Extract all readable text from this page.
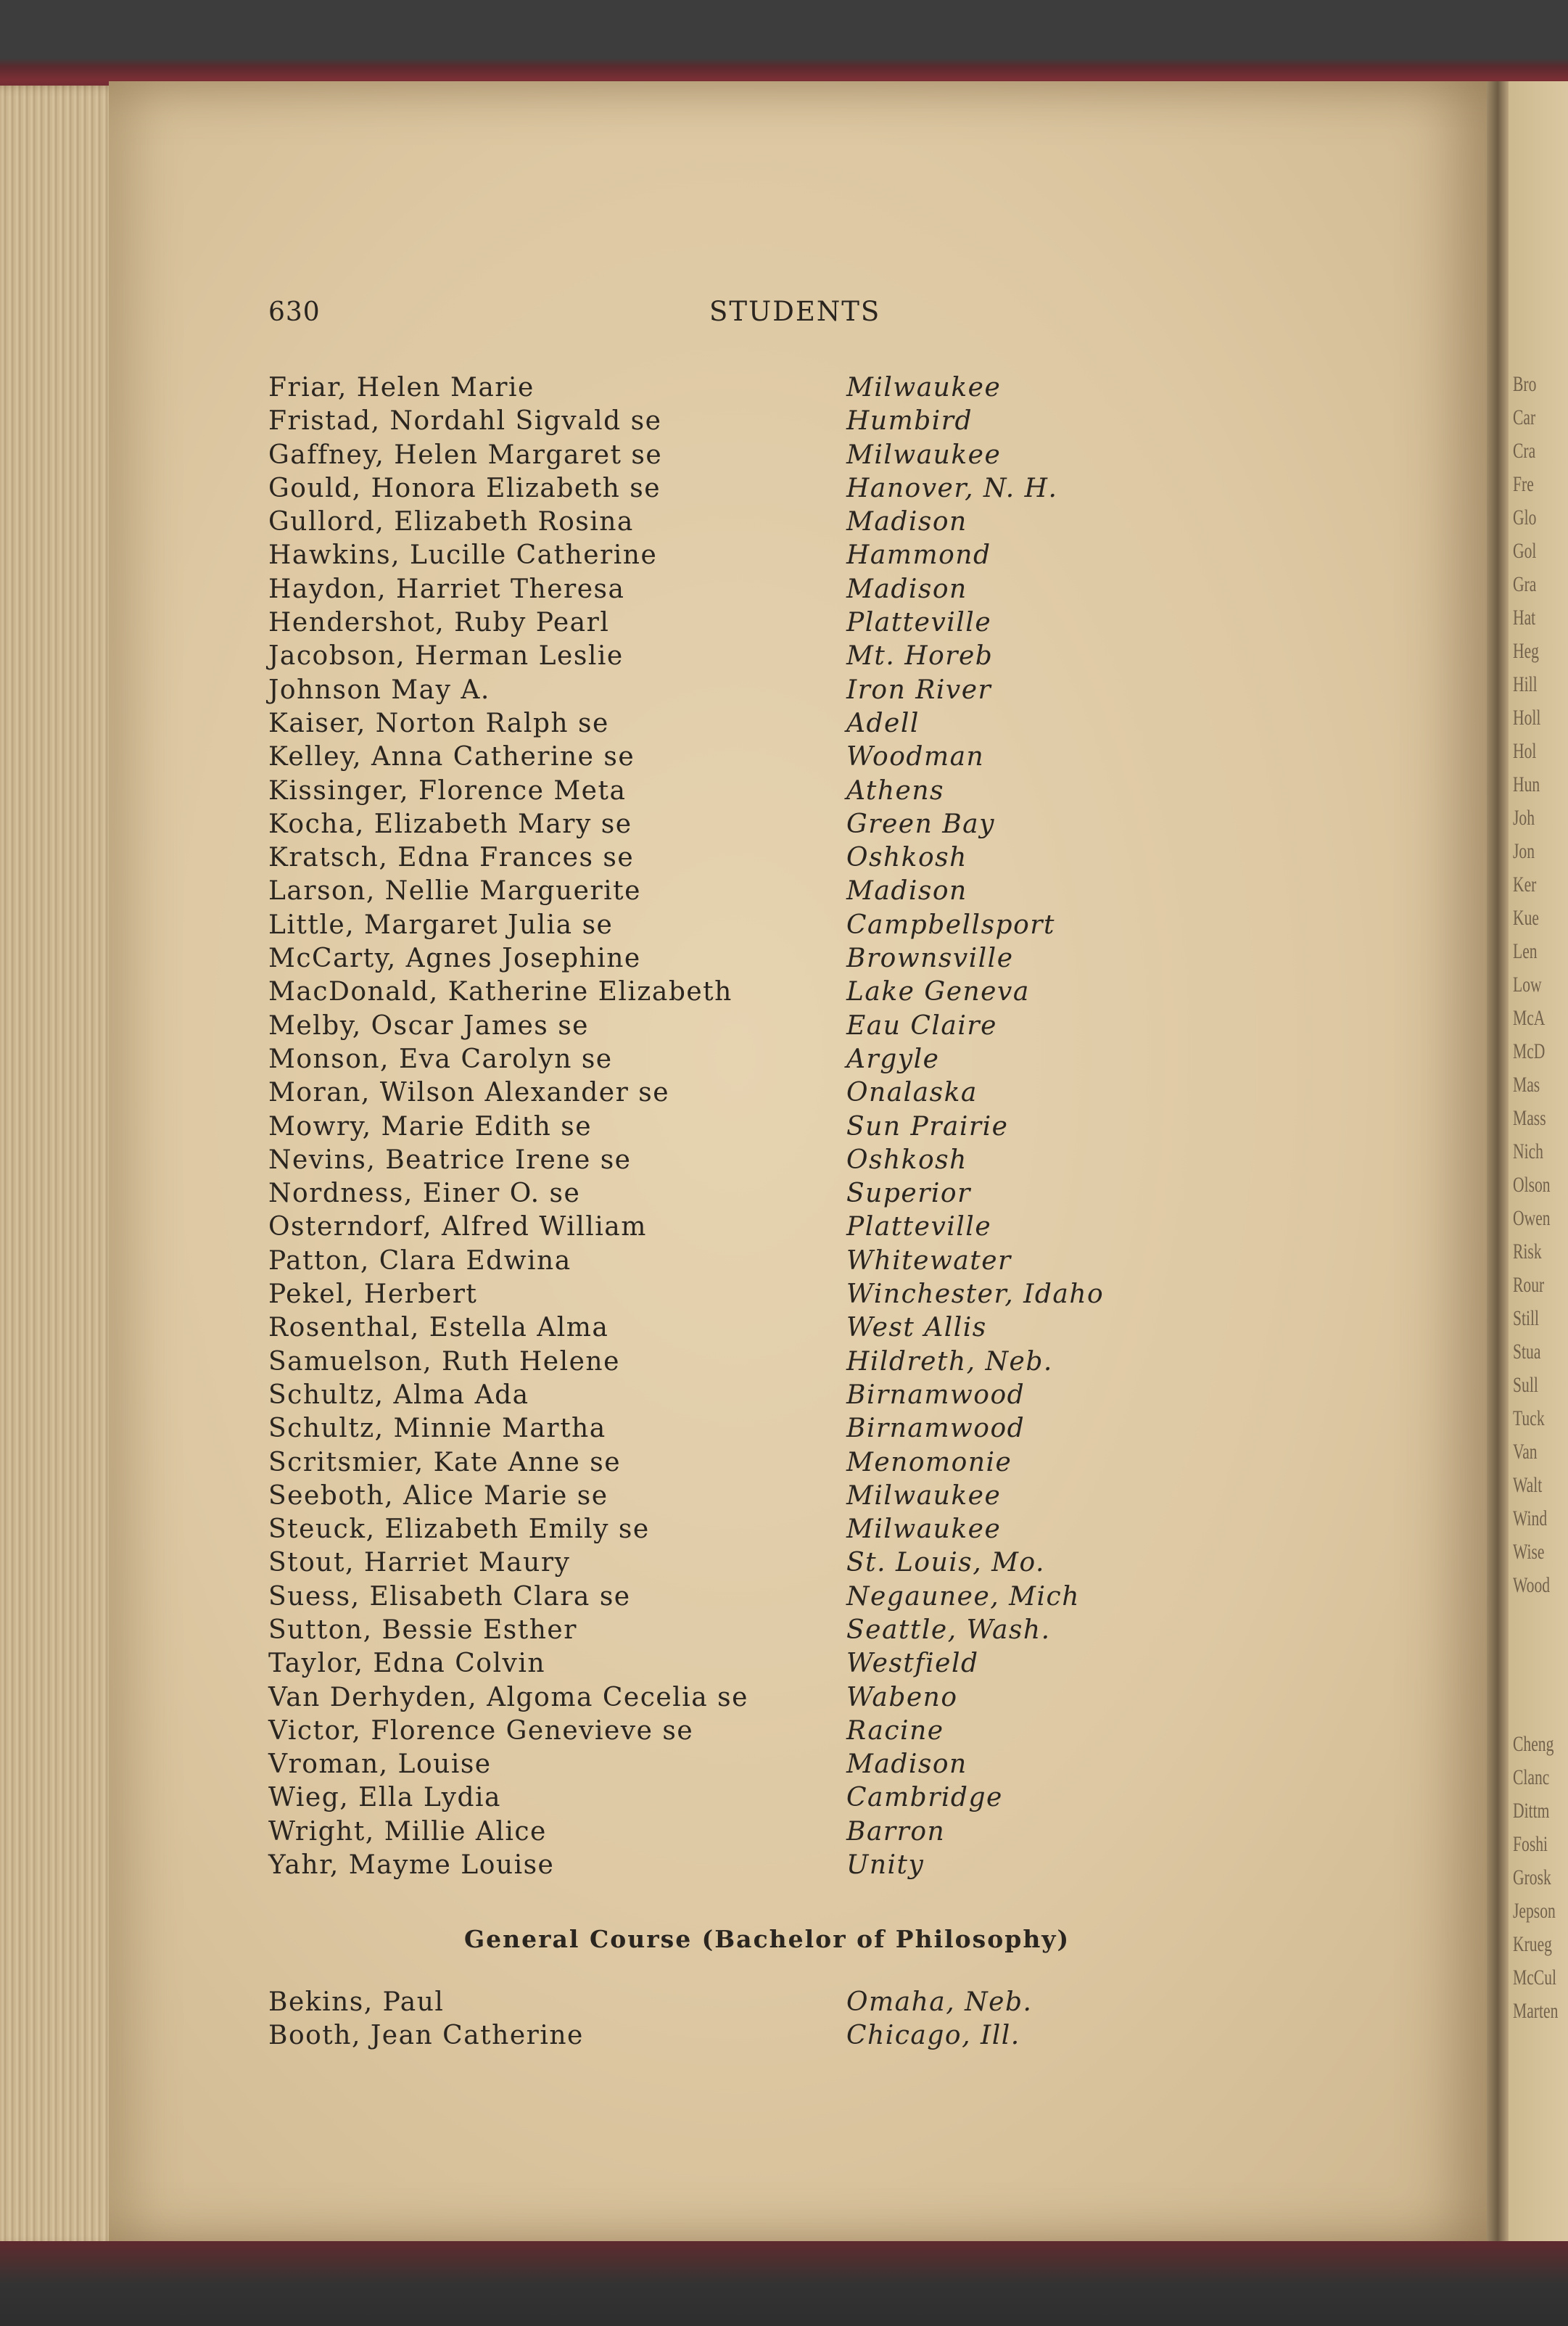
Bro
Car
Cra
Fre
Glo
Gol
Gra
Hat
Heg
Hill
Holl
Hol
Hun
Joh
Jon
Ker
Kue
Len
Low
McA
McD
Mas
Mass
Nich
Olson
Owen
Risk
Rour
Still
Stua
Sull
Tuck
Van
Walt
Wind
Wise
Wood
Cheng
Clanc
Dittm
Foshi
Grosk
Jepson
Krueg
McCul
Marten
630	STUDENTS
Friar, Helen Marie	Milwaukee
Fristad, Nordahl Sigvald se	Humbird
Gaffney, Helen Margaret se	Milwaukee
Gould, Honora Elizabeth se	Hanover, N. H.
Gullord, Elizabeth Rosina	Madison
Hawkins, Lucille Catherine	Hammond
Haydon, Harriet Theresa	Madison
Hendershot, Ruby Pearl	Platteville
Jacobson, Herman Leslie	Mt. Horeb
Johnson May A.	Iron River
Kaiser, Norton Ralph se	Adell
Kelley, Anna Catherine se	Woodman
Kissinger, Florence Meta	Athens
Kocha, Elizabeth Mary se	Green Bay
Kratsch, Edna Frances se	Oshkosh
Larson, Nellie Marguerite	Madison
Little, Margaret Julia se	Campbellsport
McCarty, Agnes Josephine	Brownsville
MacDonald, Katherine Elizabeth	Lake Geneva
Melby, Oscar James se	Eau Claire
Monson, Eva Carolyn se	Argyle
Moran, Wilson Alexander se	Onalaska
Mowry, Marie Edith se	Sun Prairie
Nevins, Beatrice Irene se	Oshkosh
Nordness, Einer O. se	Superior
Osterndorf, Alfred William	Platteville
Patton, Clara Edwina	Whitewater
Pekel, Herbert	Winchester, Idaho
Rosenthal, Estella Alma	West Allis
Samuelson, Ruth Helene	Hildreth, Neb.
Schultz, Alma Ada	Birnamwood
Schultz, Minnie Martha	Birnamwood
Scritsmier, Kate Anne se	Menomonie
Seeboth, Alice Marie se	Milwaukee
Steuck, Elizabeth Emily se	Milwaukee
Stout, Harriet Maury	St. Louis, Mo.
Suess, Elisabeth Clara se	Negaunee, Mich
Sutton, Bessie Esther	Seattle, Wash.
Taylor, Edna Colvin	Westfield
Van Derhyden, Algoma Cecelia se	Wabeno
Victor, Florence Genevieve se	Racine
Vroman, Louise	Madison
Wieg, Ella Lydia	Cambridge
Wright, Millie Alice	Barron
Yahr, Mayme Louise	Unity
General Course (Bachelor of Philosophy)
Bekins, Paul	Omaha, Neb.
Booth, Jean Catherine	Chicago, Ill.
